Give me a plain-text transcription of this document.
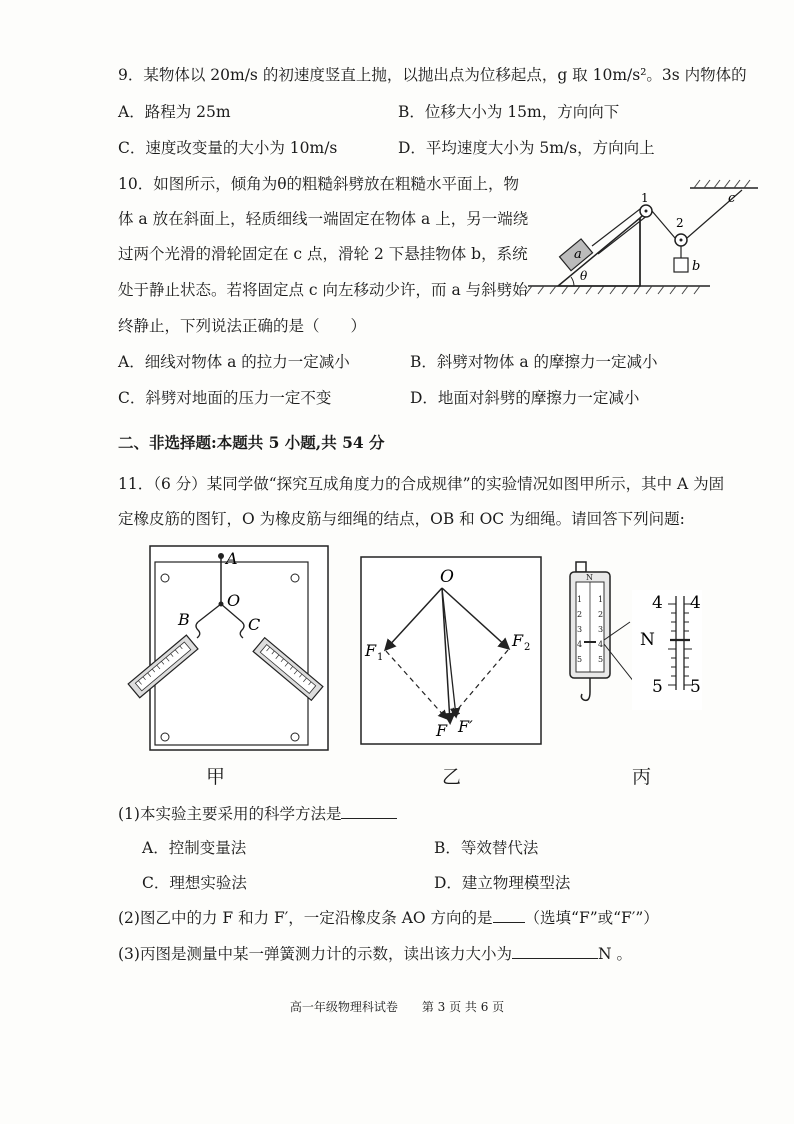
9．某物体以 20m/s 的初速度竖直上抛，以抛出点为位移起点，g 取 10m/s²。3s 内物体的
A．路程为 25m	B．位移大小为 15m，方向向下
C．速度改变量的大小为 10m/s	D．平均速度大小为 5m/s，方向向上
10．如图所示，倾角为θ的粗糙斜劈放在粗糙水平面上，物
体 a 放在斜面上，轻质细线一端固定在物体 a 上，另一端绕
过两个光滑的滑轮固定在 c 点，滑轮 2 下悬挂物体 b，系统
处于静止状态。若将固定点 c 向左移动少许，而 a 与斜劈始
终静止，下列说法正确的是（　　）
1
2
a
b
c
θ
A．细线对物体 a 的拉力一定减小	B．斜劈对物体 a 的摩擦力一定减小
C．斜劈对地面的压力一定不变	D．地面对斜劈的摩擦力一定减小
二、非选择题:本题共 5 小题,共 54 分
11．（6 分）某同学做“探究互成角度力的合成规律”的实验情况如图甲所示，其中 A 为固
定橡皮筋的图钉，O 为橡皮筋与细绳的结点，OB 和 OC 为细绳。请回答下列问题:
A
O
B	C
甲
O
F 1
F 2
F F′
乙
N
1 1
2 2
3 3
4 4
5 5
4 4
N
5 5
丙
(1)本实验主要采用的科学方法是
A．控制变量法	B．等效替代法
C．理想实验法	D．建立物理模型法
(2)图乙中的力 F 和力 F′，一定沿橡皮条 AO 方向的是 （选填“F”或“F′”）
(3)丙图是测量中某一弹簧测力计的示数，读出该力大小为	N 。
高一年级物理科试卷　　第 3 页 共 6 页
